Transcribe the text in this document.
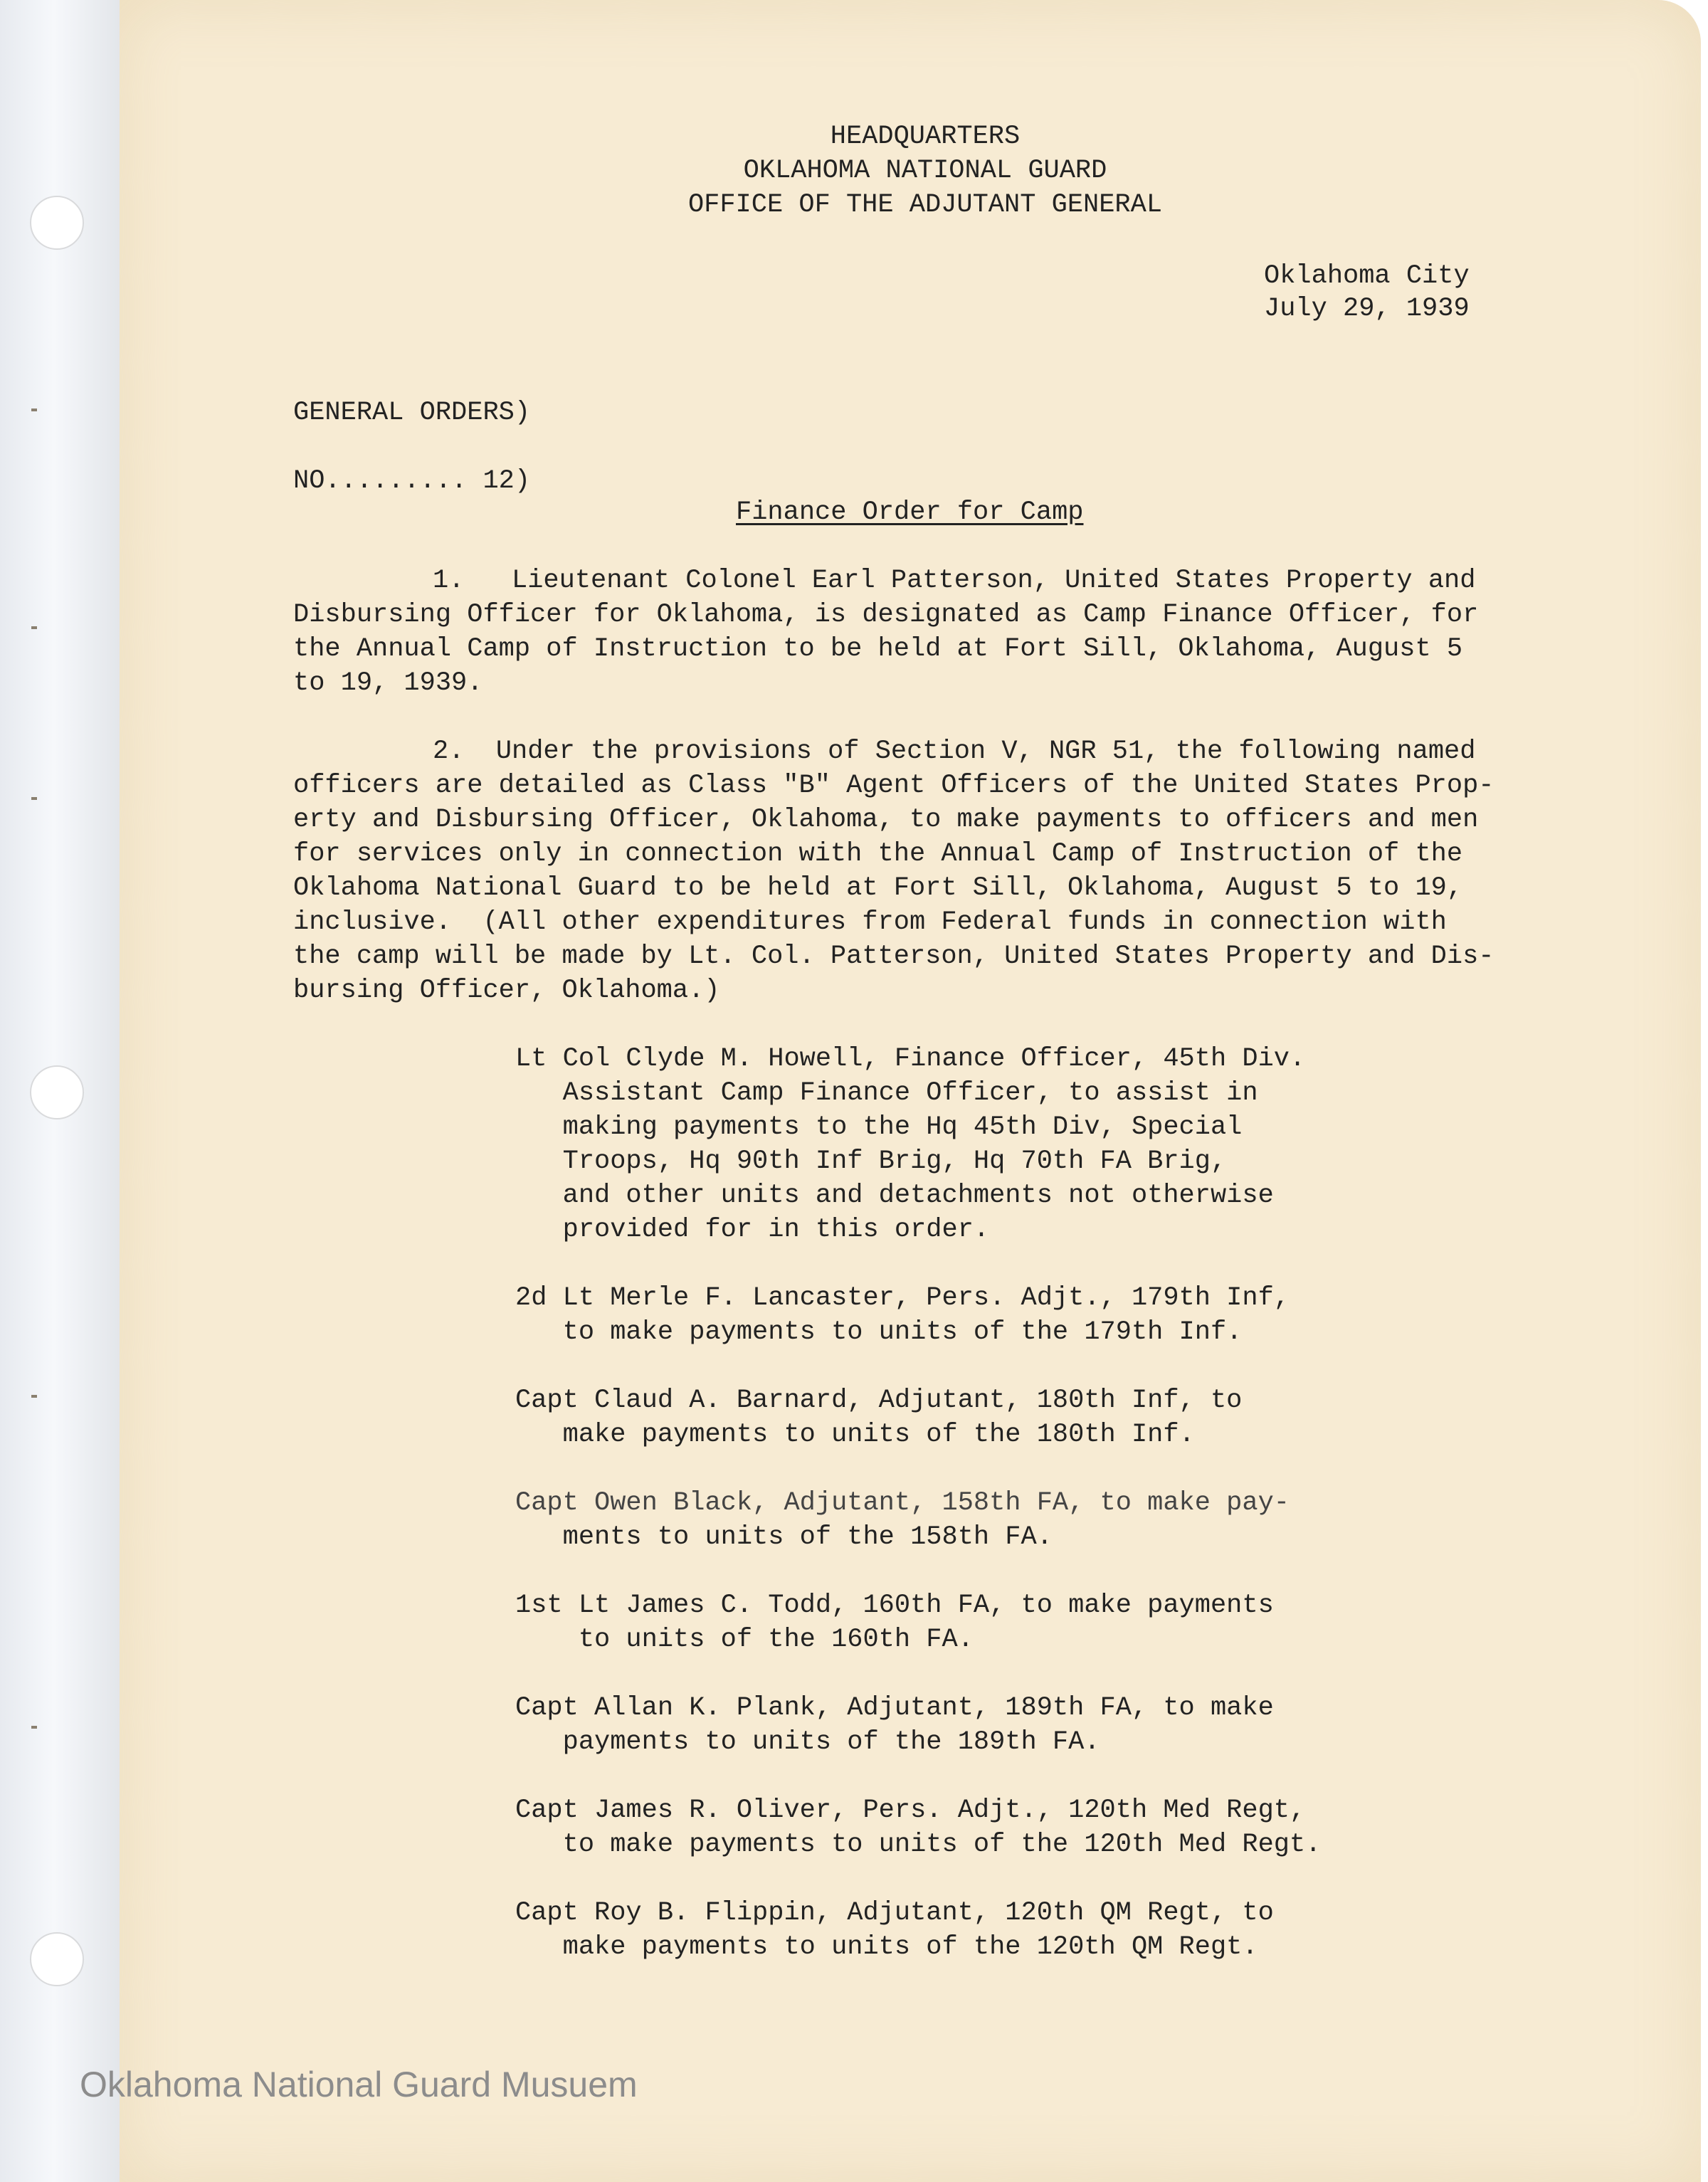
HEADQUARTERS
OKLAHOMA NATIONAL GUARD
OFFICE OF THE ADJUTANT GENERAL
Oklahoma City
July 29, 1939
GENERAL ORDERS)
NO......... 12)
Finance Order for Camp
1.   Lieutenant Colonel Earl Patterson, United States Property and
Disbursing Officer for Oklahoma, is designated as Camp Finance Officer, for
the Annual Camp of Instruction to be held at Fort Sill, Oklahoma, August 5
to 19, 1939.
2.  Under the provisions of Section V, NGR 51, the following named
officers are detailed as Class "B" Agent Officers of the United States Prop-
erty and Disbursing Officer, Oklahoma, to make payments to officers and men
for services only in connection with the Annual Camp of Instruction of the
Oklahoma National Guard to be held at Fort Sill, Oklahoma, August 5 to 19,
inclusive.  (All other expenditures from Federal funds in connection with
the camp will be made by Lt. Col. Patterson, United States Property and Dis-
bursing Officer, Oklahoma.)
Lt Col Clyde M. Howell, Finance Officer, 45th Div.
Assistant Camp Finance Officer, to assist in
making payments to the Hq 45th Div, Special
Troops, Hq 90th Inf Brig, Hq 70th FA Brig,
and other units and detachments not otherwise
provided for in this order.
2d Lt Merle F. Lancaster, Pers. Adjt., 179th Inf,
to make payments to units of the 179th Inf.
Capt Claud A. Barnard, Adjutant, 180th Inf, to
make payments to units of the 180th Inf.
Capt Owen Black, Adjutant, 158th FA, to make pay-
ments to units of the 158th FA.
1st Lt James C. Todd, 160th FA, to make payments
to units of the 160th FA.
Capt Allan K. Plank, Adjutant, 189th FA, to make
payments to units of the 189th FA.
Capt James R. Oliver, Pers. Adjt., 120th Med Regt,
to make payments to units of the 120th Med Regt.
Capt Roy B. Flippin, Adjutant, 120th QM Regt, to
make payments to units of the 120th QM Regt.
Oklahoma National Guard Musuem
